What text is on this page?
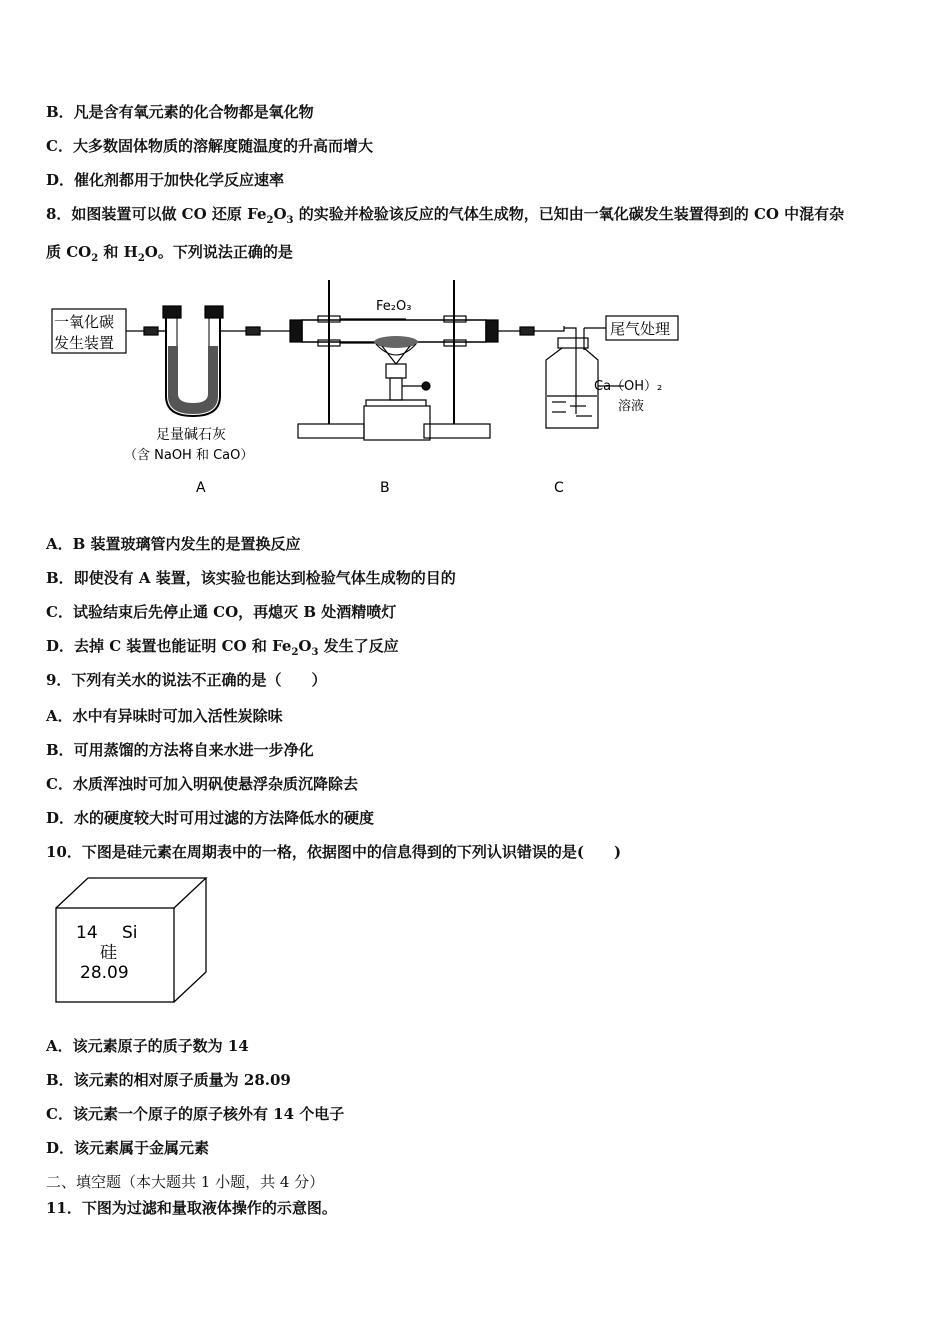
B．凡是含有氧元素的化合物都是氧化物
C．大多数固体物质的溶解度随温度的升高而增大
D．催化剂都用于加快化学反应速率
8．如图装置可以做 CO 还原 $Fe_2O_3$ 的实验并检验该反应的气体生成物，已知由一氧化碳发生装置得到的 CO 中混有杂
质 $CO_2$ 和 $H_2O$。下列说法正确的是
一氧化碳
发生装置
Fe₂O₃
尾气处理
Ca（OH）₂
溶液
足量碱石灰
（含 NaOH 和 CaO）
A	B	C
A．B 装置玻璃管内发生的是置换反应
B．即使没有 A 装置，该实验也能达到检验气体生成物的目的
C．试验结束后先停止通 CO，再熄灭 B 处酒精喷灯
D．去掉 C 装置也能证明 CO 和 $Fe_2O_3$ 发生了反应
9．下列有关水的说法不正确的是（　　）
A．水中有异味时可加入活性炭除味
B．可用蒸馏的方法将自来水进一步净化
C．水质浑浊时可加入明矾使悬浮杂质沉降除去
D．水的硬度较大时可用过滤的方法降低水的硬度
10．下图是硅元素在周期表中的一格，依据图中的信息得到的下列认识错误的是(　　)
14 Si
硅
28.09
A．该元素原子的质子数为 14
B．该元素的相对原子质量为 28.09
C．该元素一个原子的原子核外有 14 个电子
D．该元素属于金属元素
二、填空题（本大题共 1 小题，共 4 分）
11．下图为过滤和量取液体操作的示意图。
